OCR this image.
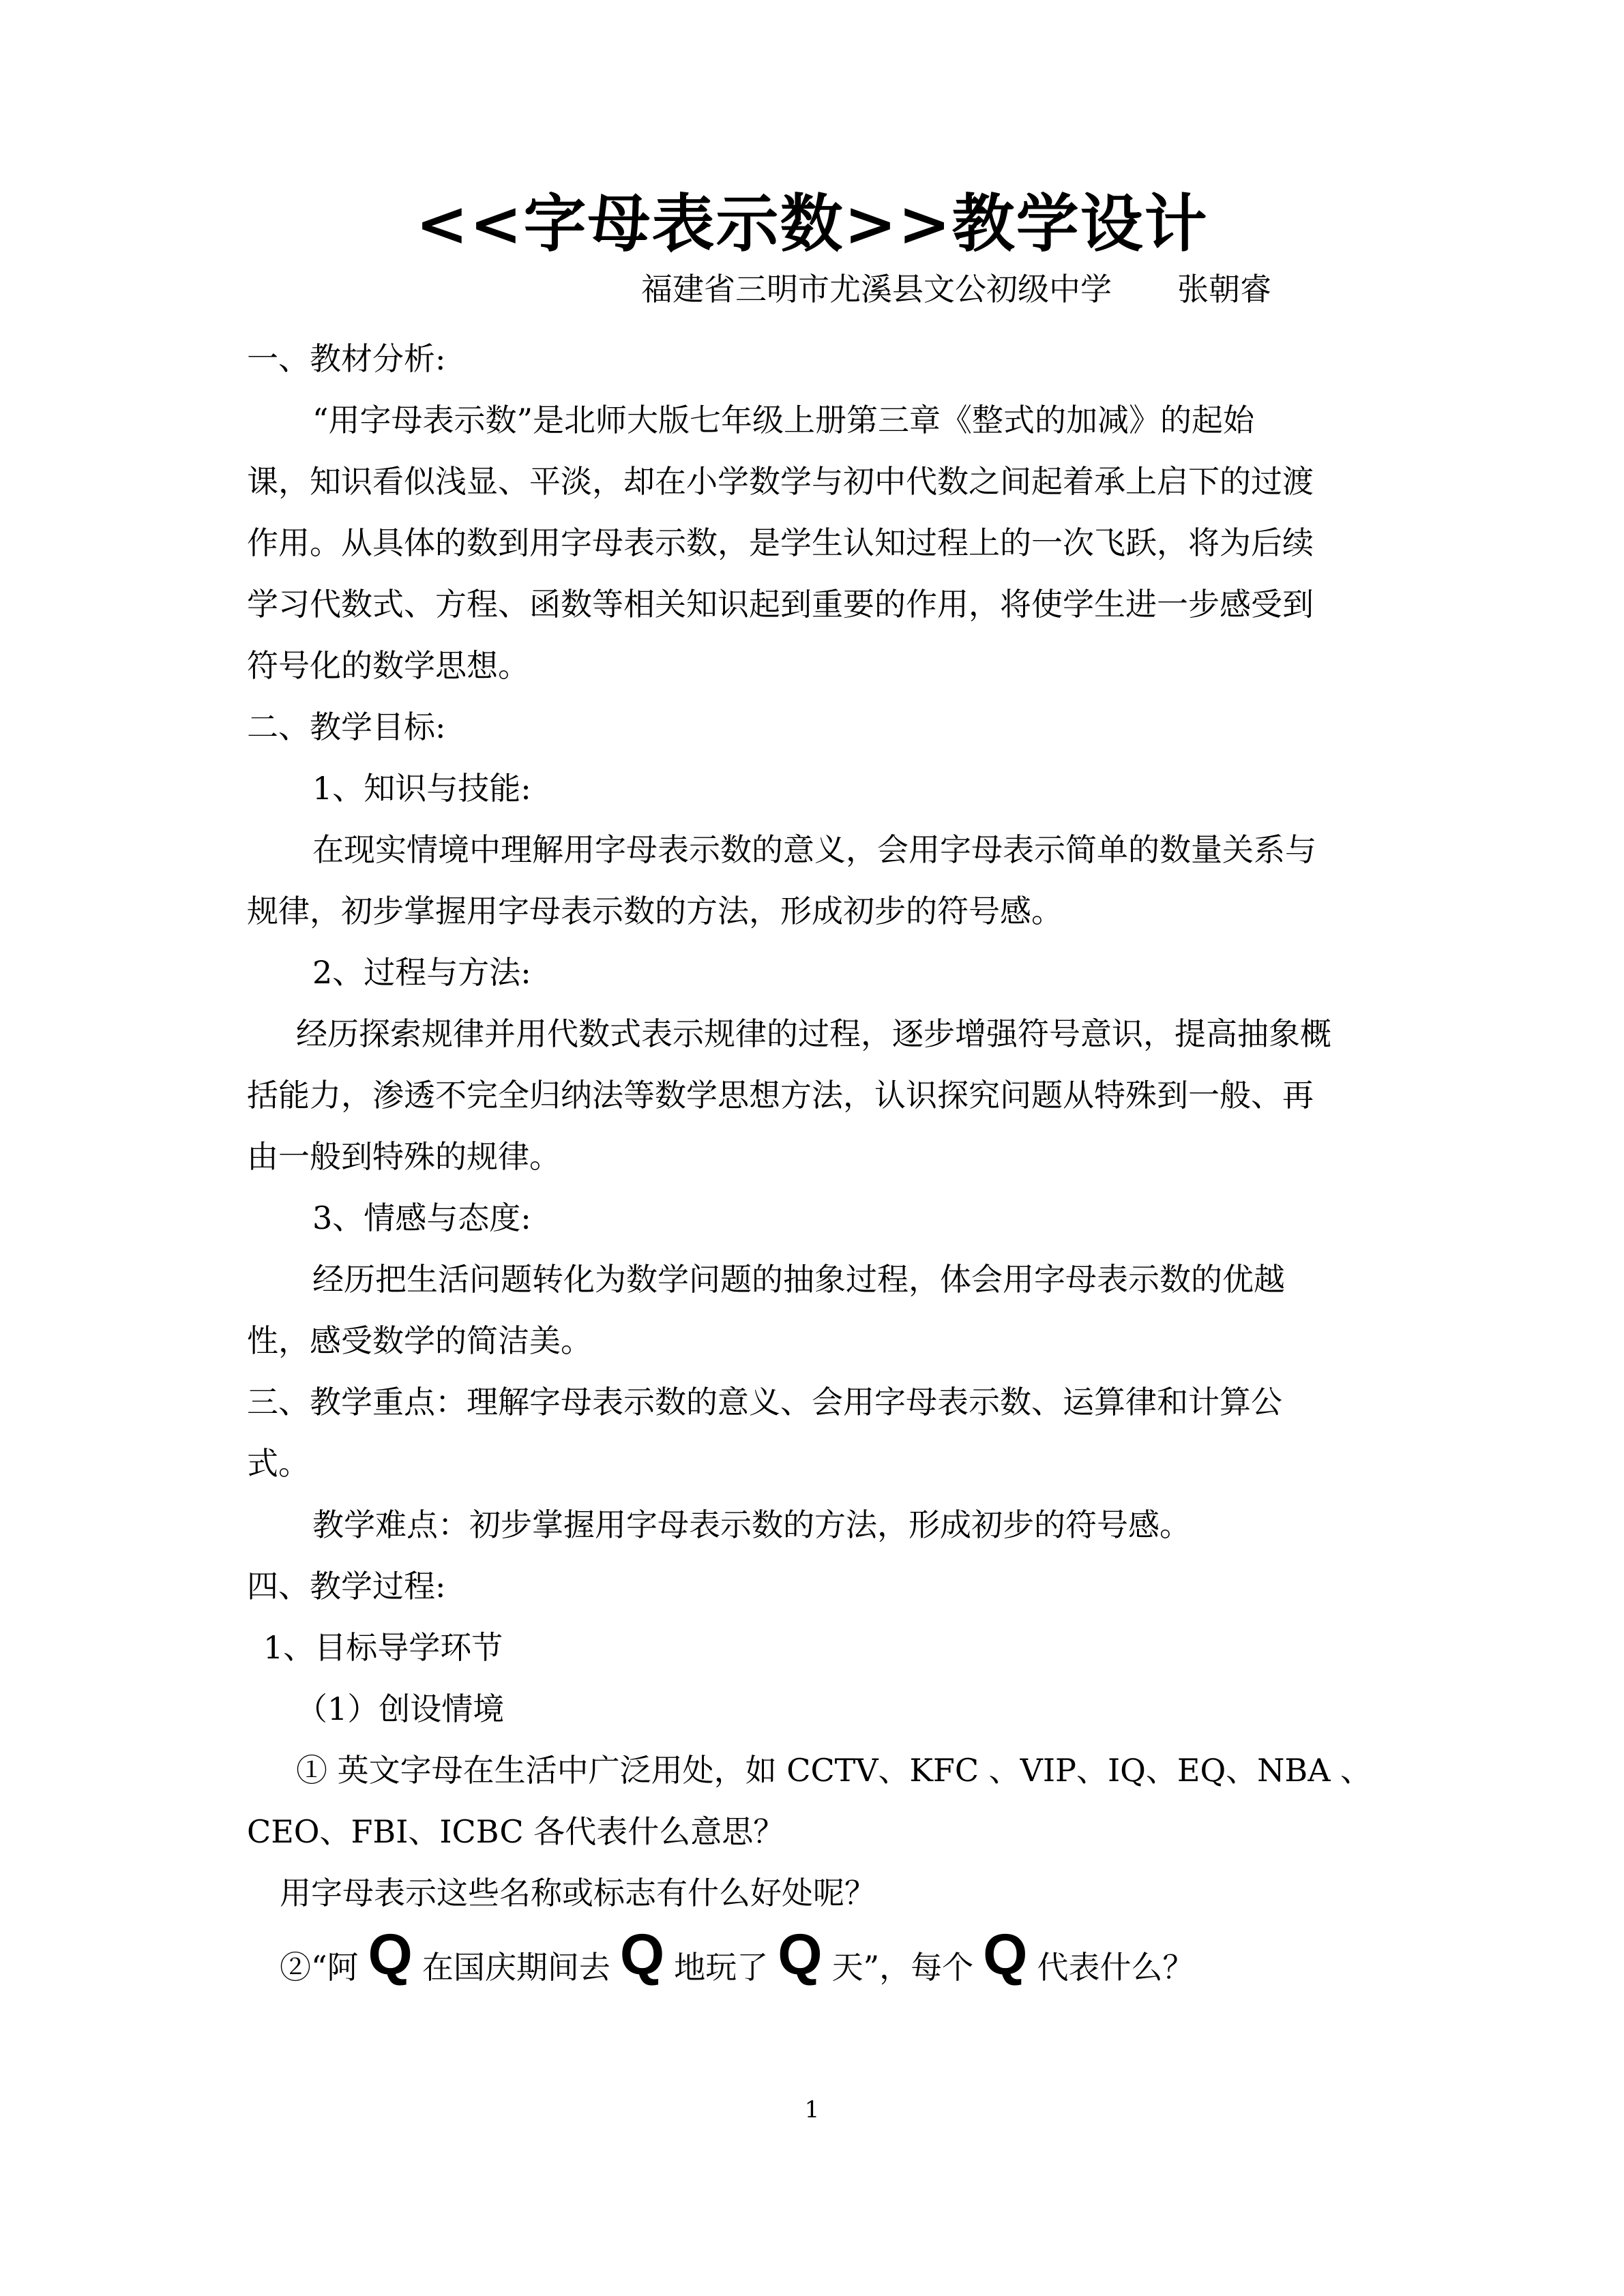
<<字母表示数>>教学设计
福建省三明市尤溪县文公初级中学 张朝睿
一、教材分析:
“用字母表示数”是北师大版七年级上册第三章《整式的加减》的起始
课，知识看似浅显、平淡，却在小学数学与初中代数之间起着承上启下的过渡
作用。从具体的数到用字母表示数，是学生认知过程上的一次飞跃，将为后续
学习代数式、方程、函数等相关知识起到重要的作用，将使学生进一步感受到
符号化的数学思想。
二、教学目标:
1、知识与技能:
在现实情境中理解用字母表示数的意义，会用字母表示简单的数量关系与
规律，初步掌握用字母表示数的方法，形成初步的符号感。
2、过程与方法:
经历探索规律并用代数式表示规律的过程，逐步增强符号意识，提高抽象概
括能力，渗透不完全归纳法等数学思想方法，认识探究问题从特殊到一般、再
由一般到特殊的规律。
3、情感与态度:
经历把生活问题转化为数学问题的抽象过程，体会用字母表示数的优越
性，感受数学的简洁美。
三、教学重点：理解字母表示数的意义、会用字母表示数、运算律和计算公
式。
教学难点：初步掌握用字母表示数的方法，形成初步的符号感。
四、教学过程:
1、目标导学环节
（1）创设情境
① 英文字母在生活中广泛用处，如 CCTV、KFC 、VIP、IQ、EQ、NBA 、
CEO、FBI、ICBC 各代表什么意思？
用字母表示这些名称或标志有什么好处呢？
②“阿 Q 在国庆期间去 Q 地玩了 Q 天”，每个 Q 代表什么？
1
